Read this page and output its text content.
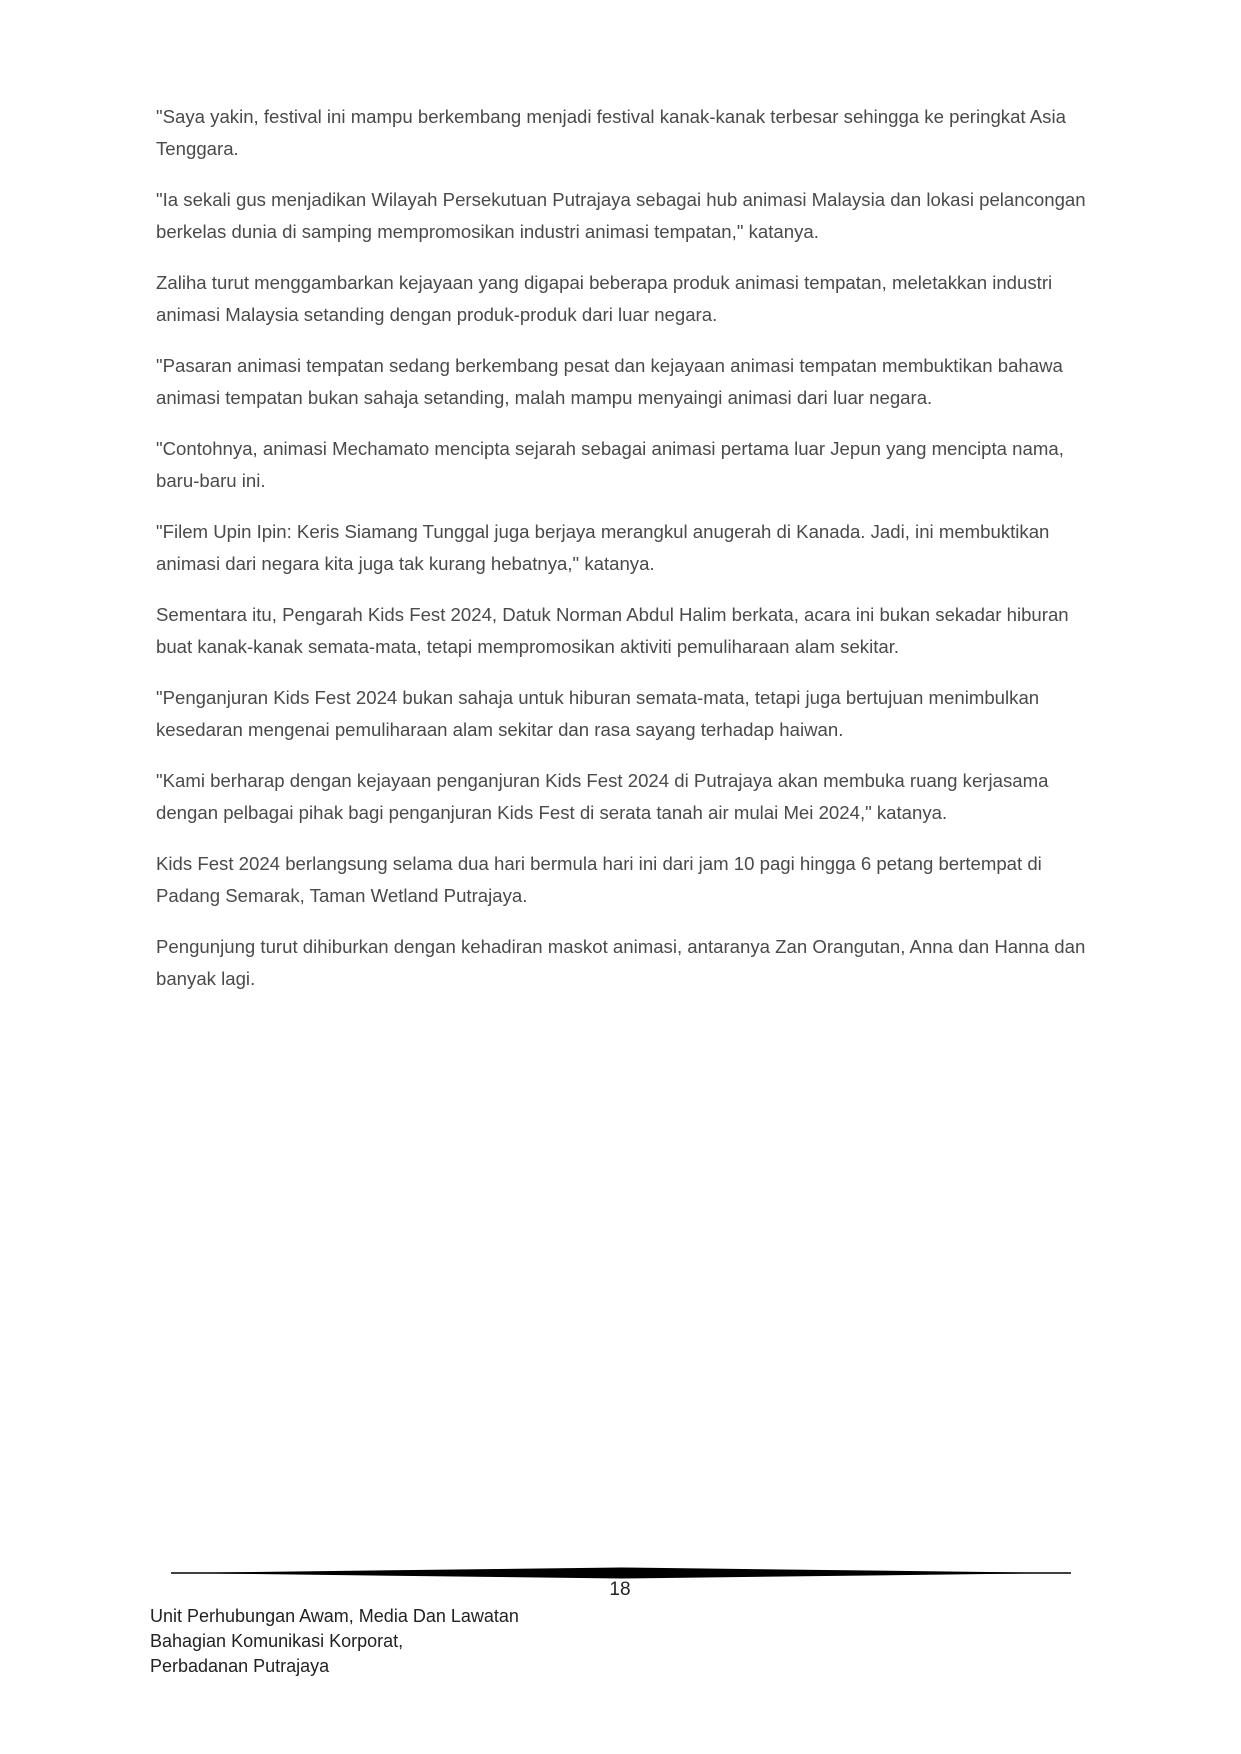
"Saya yakin, festival ini mampu berkembang menjadi festival kanak-kanak terbesar sehingga ke peringkat Asia Tenggara.

"Ia sekali gus menjadikan Wilayah Persekutuan Putrajaya sebagai hub animasi Malaysia dan lokasi pelancongan berkelas dunia di samping mempromosikan industri animasi tempatan," katanya.

Zaliha turut menggambarkan kejayaan yang digapai beberapa produk animasi tempatan, meletakkan industri animasi Malaysia setanding dengan produk-produk dari luar negara.

"Pasaran animasi tempatan sedang berkembang pesat dan kejayaan animasi tempatan membuktikan bahawa animasi tempatan bukan sahaja setanding, malah mampu menyaingi animasi dari luar negara.

"Contohnya, animasi Mechamato mencipta sejarah sebagai animasi pertama luar Jepun yang mencipta nama, baru-baru ini.

"Filem Upin Ipin: Keris Siamang Tunggal juga berjaya merangkul anugerah di Kanada. Jadi, ini membuktikan animasi dari negara kita juga tak kurang hebatnya," katanya.

Sementara itu, Pengarah Kids Fest 2024, Datuk Norman Abdul Halim berkata, acara ini bukan sekadar hiburan buat kanak-kanak semata-mata, tetapi mempromosikan aktiviti pemuliharaan alam sekitar.

"Penganjuran Kids Fest 2024 bukan sahaja untuk hiburan semata-mata, tetapi juga bertujuan menimbulkan kesedaran mengenai pemuliharaan alam sekitar dan rasa sayang terhadap haiwan.

"Kami berharap dengan kejayaan penganjuran Kids Fest 2024 di Putrajaya akan membuka ruang kerjasama dengan pelbagai pihak bagi penganjuran Kids Fest di serata tanah air mulai Mei 2024," katanya.

Kids Fest 2024 berlangsung selama dua hari bermula hari ini dari jam 10 pagi hingga 6 petang bertempat di Padang Semarak, Taman Wetland Putrajaya.

Pengunjung turut dihiburkan dengan kehadiran maskot animasi, antaranya Zan Orangutan, Anna dan Hanna dan banyak lagi.

18
Unit Perhubungan Awam, Media Dan Lawatan
Bahagian Komunikasi Korporat,
Perbadanan Putrajaya
